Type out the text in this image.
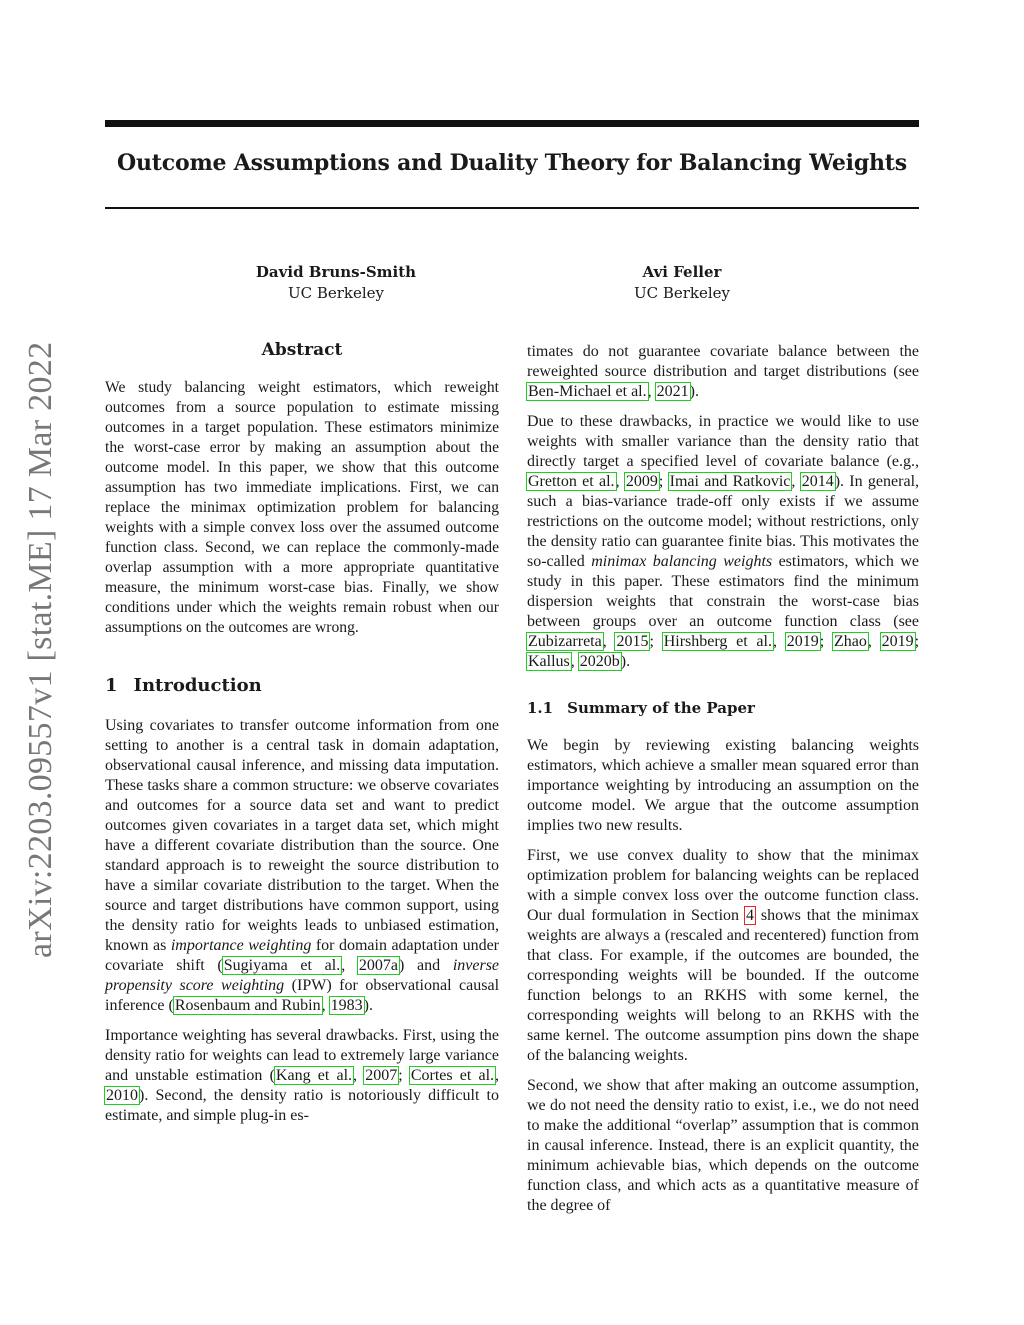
arXiv:2203.09557v1 [stat.ME] 17 Mar 2022
Outcome Assumptions and Duality Theory for Balancing Weights
David Bruns-Smith
UC Berkeley
Avi Feller
UC Berkeley
Abstract

We study balancing weight estimators, which reweight outcomes from a source population to estimate missing outcomes in a target population. These estimators minimize the worst-case error by making an assumption about the outcome model. In this paper, we show that this outcome assumption has two immediate implications. First, we can replace the minimax optimization problem for balancing weights with a simple convex loss over the assumed outcome function class. Second, we can replace the commonly-made overlap assumption with a more appropriate quantitative measure, the minimum worst-case bias. Finally, we show conditions under which the weights remain robust when our assumptions on the outcomes are wrong.

1 Introduction

Using covariates to transfer outcome information from one setting to another is a central task in domain adaptation, observational causal inference, and missing data imputation. These tasks share a common structure: we observe covariates and outcomes for a source data set and want to predict outcomes given covariates in a target data set, which might have a different covariate distribution than the source. One standard approach is to reweight the source distribution to have a similar covariate distribution to the target. When the source and target distributions have common support, using the density ratio for weights leads to unbiased estimation, known as importance weighting for domain adaptation under covariate shift (Sugiyama et al., 2007a) and inverse propensity score weighting (IPW) for observational causal inference (Rosenbaum and Rubin, 1983).

Importance weighting has several drawbacks. First, using the density ratio for weights can lead to extremely large variance and unstable estimation (Kang et al., 2007; Cortes et al., 2010). Second, the density ratio is notoriously difficult to estimate, and simple plug-in es-

timates do not guarantee covariate balance between the reweighted source distribution and target distributions (see Ben-Michael et al., 2021).

Due to these drawbacks, in practice we would like to use weights with smaller variance than the density ratio that directly target a specified level of covariate balance (e.g., Gretton et al., 2009; Imai and Ratkovic, 2014). In general, such a bias-variance trade-off only exists if we assume restrictions on the outcome model; without restrictions, only the density ratio can guarantee finite bias. This motivates the so-called minimax balancing weights estimators, which we study in this paper. These estimators find the minimum dispersion weights that constrain the worst-case bias between groups over an outcome function class (see Zubizarreta, 2015; Hirshberg et al., 2019; Zhao, 2019; Kallus, 2020b).

1.1 Summary of the Paper

We begin by reviewing existing balancing weights estimators, which achieve a smaller mean squared error than importance weighting by introducing an assumption on the outcome model. We argue that the outcome assumption implies two new results.

First, we use convex duality to show that the minimax optimization problem for balancing weights can be replaced with a simple convex loss over the outcome function class. Our dual formulation in Section 4 shows that the minimax weights are always a (rescaled and recentered) function from that class. For example, if the outcomes are bounded, the corresponding weights will be bounded. If the outcome function belongs to an RKHS with some kernel, the corresponding weights will belong to an RKHS with the same kernel. The outcome assumption pins down the shape of the balancing weights.

Second, we show that after making an outcome assumption, we do not need the density ratio to exist, i.e., we do not need to make the additional “overlap” assumption that is common in causal inference. Instead, there is an explicit quantity, the minimum achievable bias, which depends on the outcome function class, and which acts as a quantitative measure of the degree of
